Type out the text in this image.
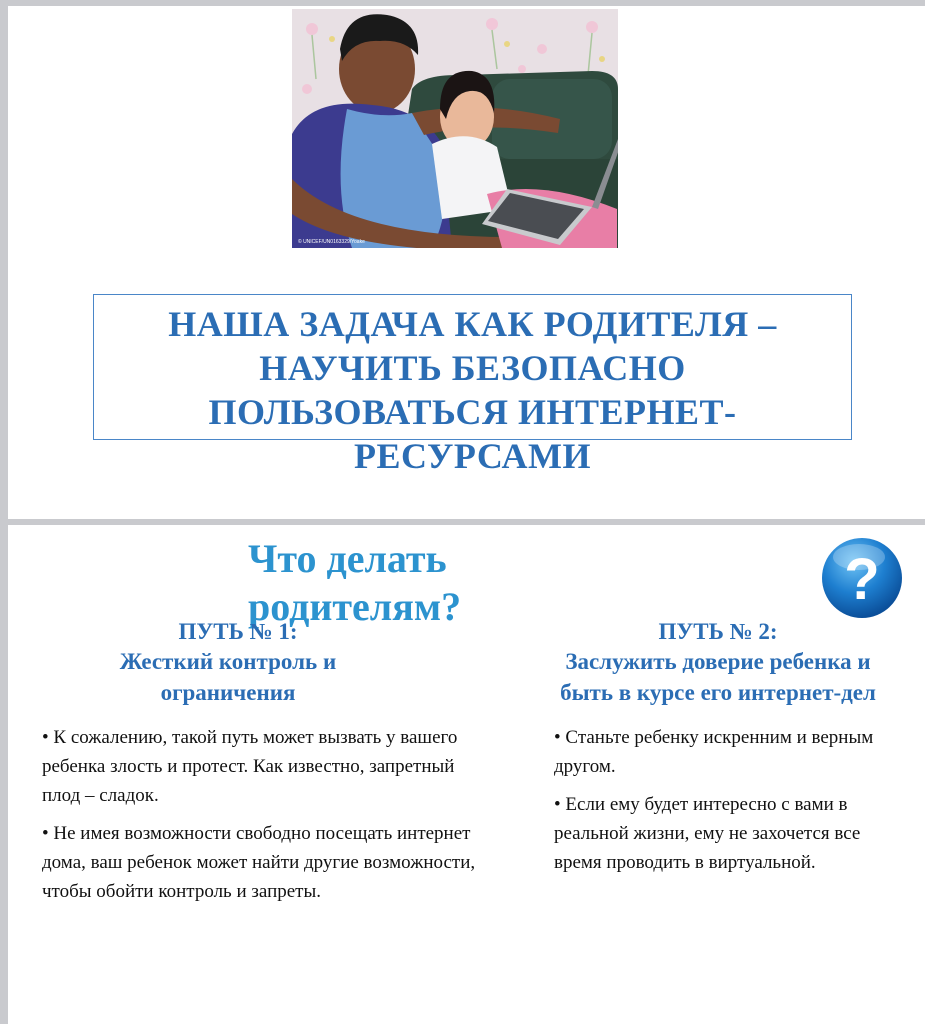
© UNICEF/UN0163329/Yoake
НАША ЗАДАЧА КАК РОДИТЕЛЯ –
НАУЧИТЬ БЕЗОПАСНО
ПОЛЬЗОВАТЬСЯ ИНТЕРНЕТ-
РЕСУРСАМИ
Что делать
родителям?	?
ПУТЬ № 1:
Жесткий контроль и
ограничения
ПУТЬ № 2:
Заслужить доверие ребенка и
быть в курсе его интернет-дел

• К сожалению, такой путь может вызвать у вашего ребенка злость и протест. Как известно, запретный плод – сладок.

• Не имея возможности свободно посещать интернет дома, ваш ребенок может найти другие возможности, чтобы обойти контроль и запреты.

• Станьте ребенку искренним и верным другом.

• Если ему будет интересно с вами в реальной жизни, ему не захочется все время проводить в виртуальной.
